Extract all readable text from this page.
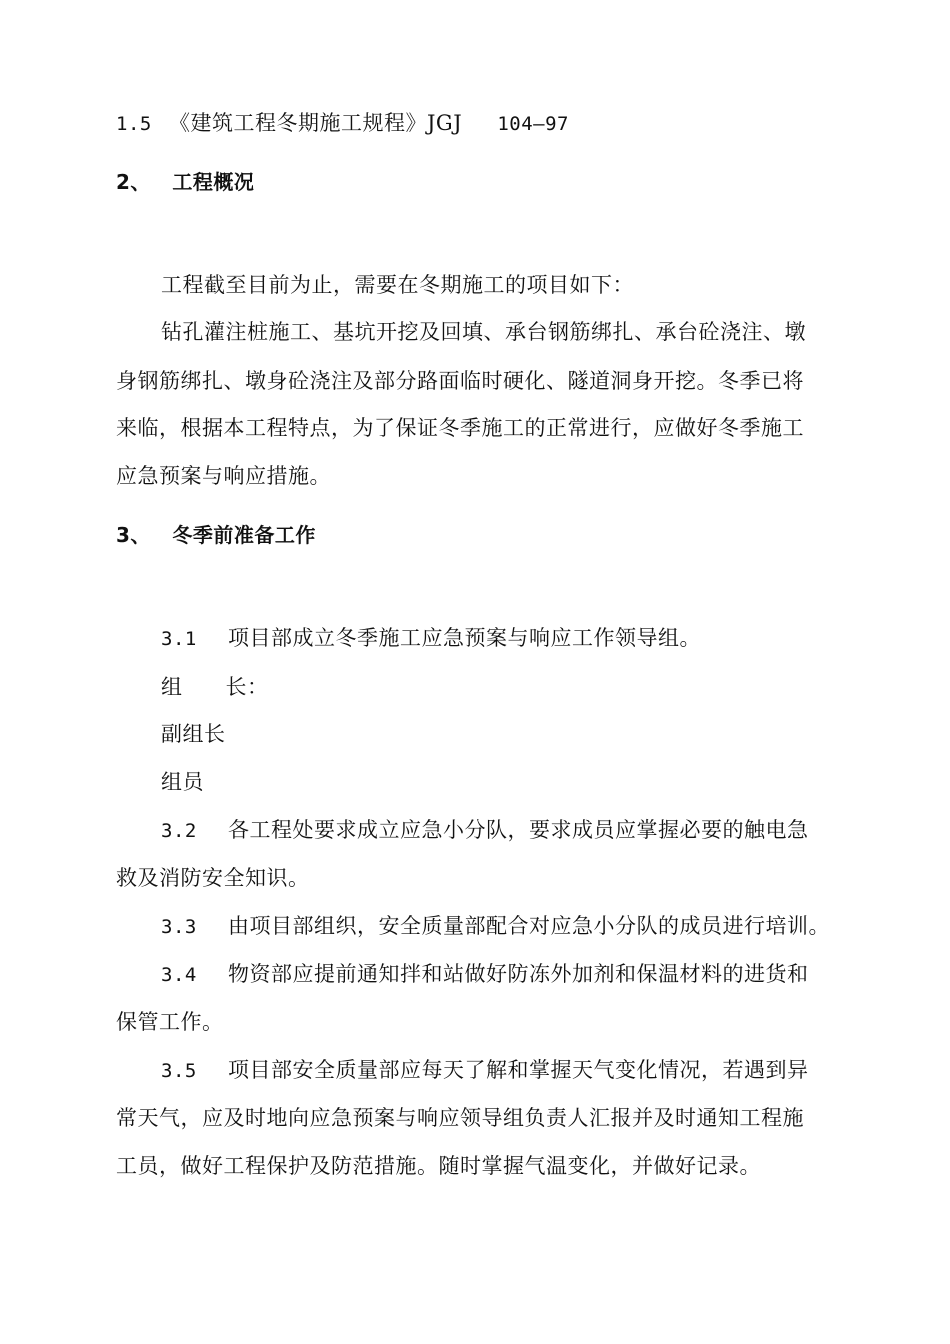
1.5 《建筑工程冬期施工规程》JGJ 104—97
2、 工程概况
工程截至目前为止，需要在冬期施工的项目如下：
钻孔灌注桩施工、基坑开挖及回填、承台钢筋绑扎、承台砼浇注、墩
身钢筋绑扎、墩身砼浇注及部分路面临时硬化、隧道洞身开挖。冬季已将
来临，根据本工程特点，为了保证冬季施工的正常进行，应做好冬季施工
应急预案与响应措施。
3、 冬季前准备工作
3.1 项目部成立冬季施工应急预案与响应工作领导组。
组　　长：
副组长
组员
3.2 各工程处要求成立应急小分队，要求成员应掌握必要的触电急
救及消防安全知识。
3.3 由项目部组织，安全质量部配合对应急小分队的成员进行培训。
3.4 物资部应提前通知拌和站做好防冻外加剂和保温材料的进货和
保管工作。
3.5 项目部安全质量部应每天了解和掌握天气变化情况，若遇到异
常天气，应及时地向应急预案与响应领导组负责人汇报并及时通知工程施
工员，做好工程保护及防范措施。随时掌握气温变化，并做好记录。
